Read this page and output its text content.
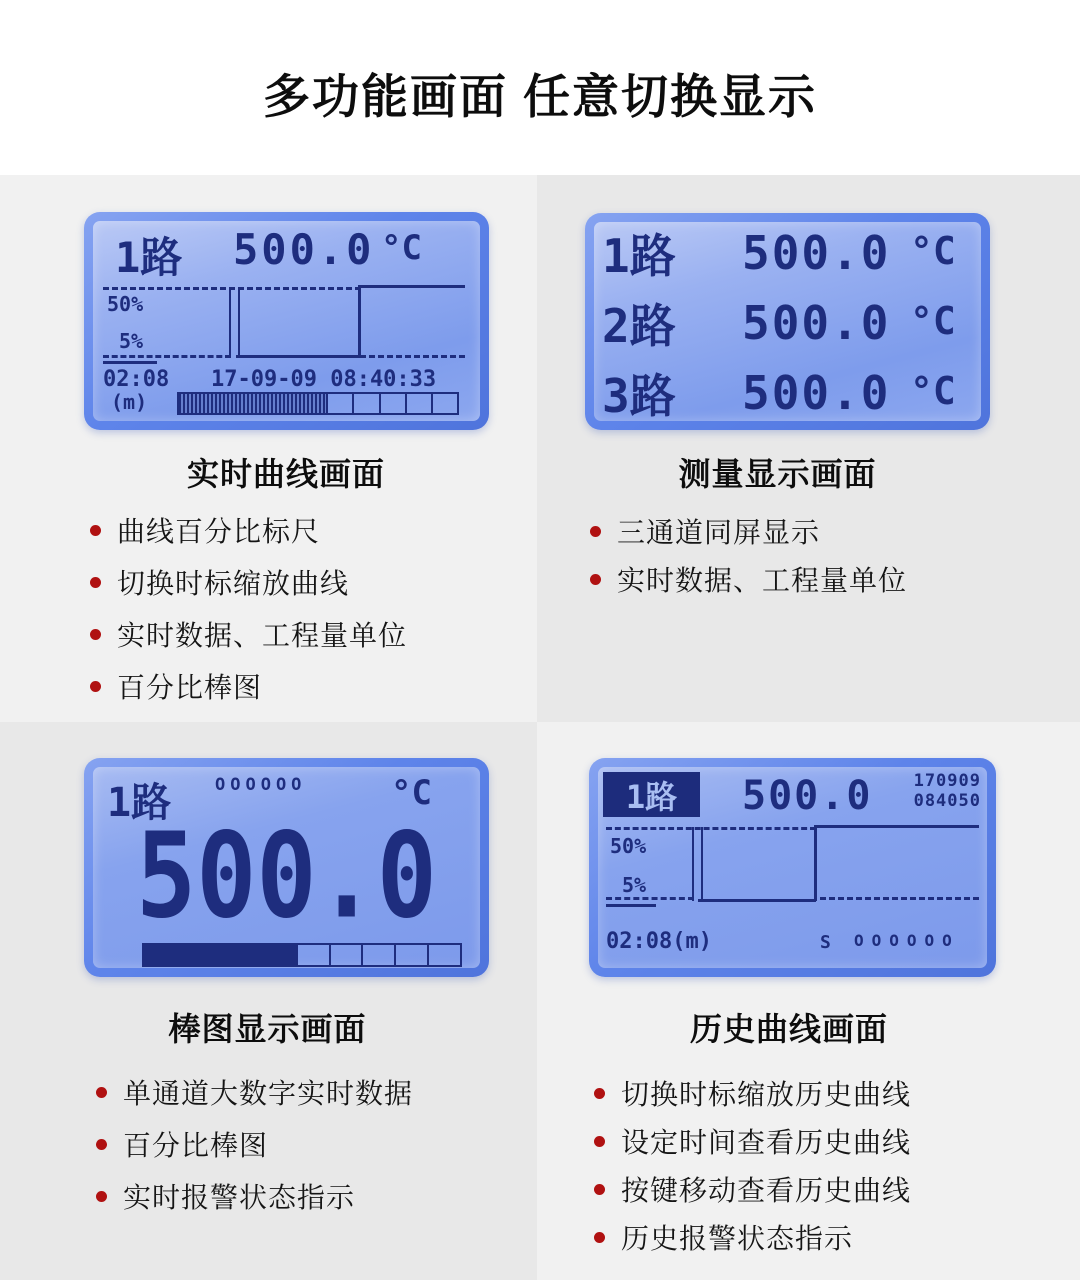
多功能画面 任意切换显示
1路 500.0 °C
50%
5%
02:08 17-09-09 08:40:33
(m)
1路	500.0 °C
2路	500.0 °C
3路	500.0 °C
1路	OOOOOO °C
500.0
1路	500.0 170909
084050
50%
5%
02:08(m)	S OOOOOO
实时曲线画面	测量显示画面
棒图显示画面	历史曲线画面
曲线百分比标尺
切换时标缩放曲线
实时数据、工程量单位
百分比棒图
三通道同屏显示
实时数据、工程量单位
单通道大数字实时数据
百分比棒图
实时报警状态指示
切换时标缩放历史曲线
设定时间查看历史曲线
按键移动查看历史曲线
历史报警状态指示
